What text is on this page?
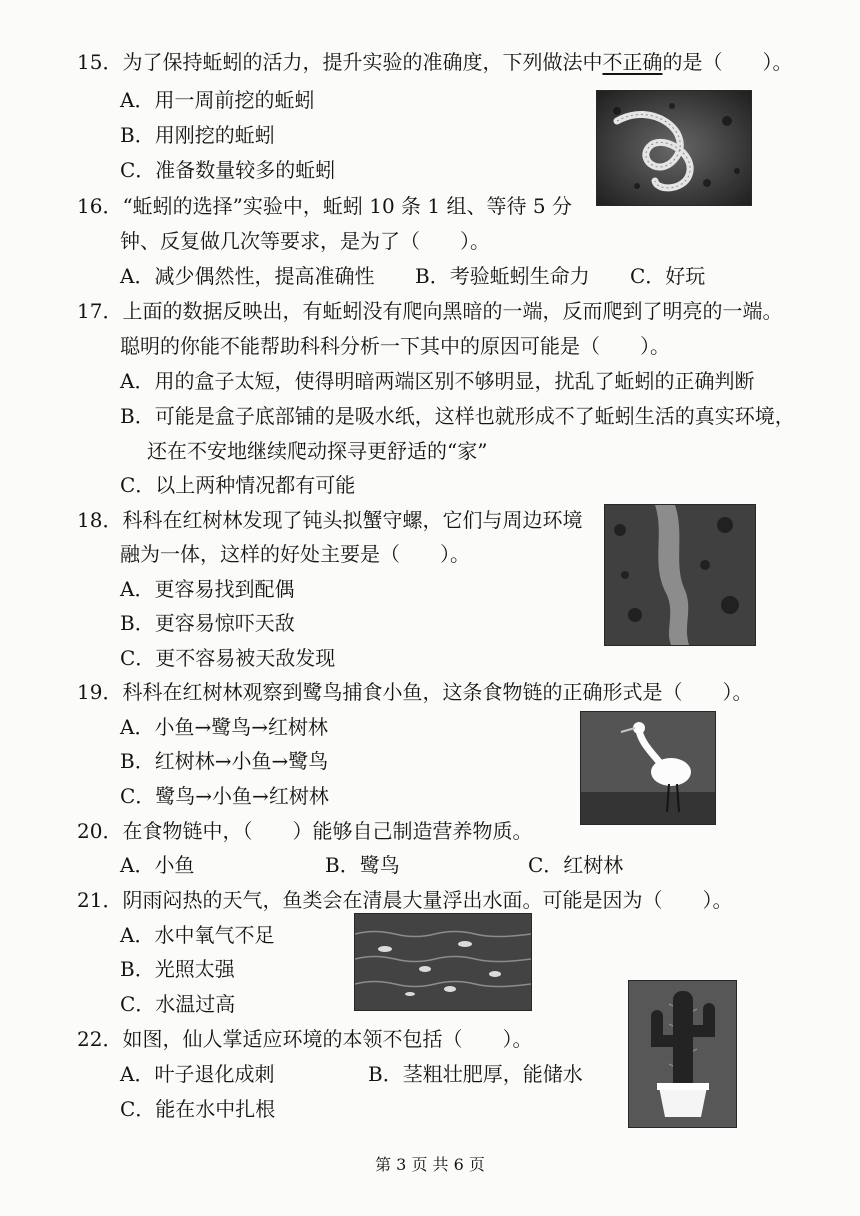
15．为了保持蚯蚓的活力，提升实验的准确度，下列做法中不正确的是（　　）。
A．用一周前挖的蚯蚓
B．用刚挖的蚯蚓
C．准备数量较多的蚯蚓
16．“蚯蚓的选择”实验中，蚯蚓 10 条 1 组、等待 5 分
钟、反复做几次等要求，是为了（　　）。
A．减少偶然性，提高准确性 B．考验蚯蚓生命力 C．好玩
17．上面的数据反映出，有蚯蚓没有爬向黑暗的一端，反而爬到了明亮的一端。
聪明的你能不能帮助科科分析一下其中的原因可能是（　　）。
A．用的盒子太短，使得明暗两端区别不够明显，扰乱了蚯蚓的正确判断
B．可能是盒子底部铺的是吸水纸，这样也就形成不了蚯蚓生活的真实环境，
还在不安地继续爬动探寻更舒适的“家”
C．以上两种情况都有可能
18．科科在红树林发现了钝头拟蟹守螺，它们与周边环境
融为一体，这样的好处主要是（　　）。
A．更容易找到配偶
B．更容易惊吓天敌
C．更不容易被天敌发现
19．科科在红树林观察到鹭鸟捕食小鱼，这条食物链的正确形式是（　　）。
A．小鱼→鹭鸟→红树林
B．红树林→小鱼→鹭鸟
C．鹭鸟→小鱼→红树林
20．在食物链中，（　　）能够自己制造营养物质。
A．小鱼	B．鹭鸟	C．红树林
21．阴雨闷热的天气，鱼类会在清晨大量浮出水面。可能是因为（　　）。
A．水中氧气不足
B．光照太强
C．水温过高
22．如图，仙人掌适应环境的本领不包括（　　）。
A．叶子退化成刺	B．茎粗壮肥厚，能储水
C．能在水中扎根
第 3 页 共 6 页
